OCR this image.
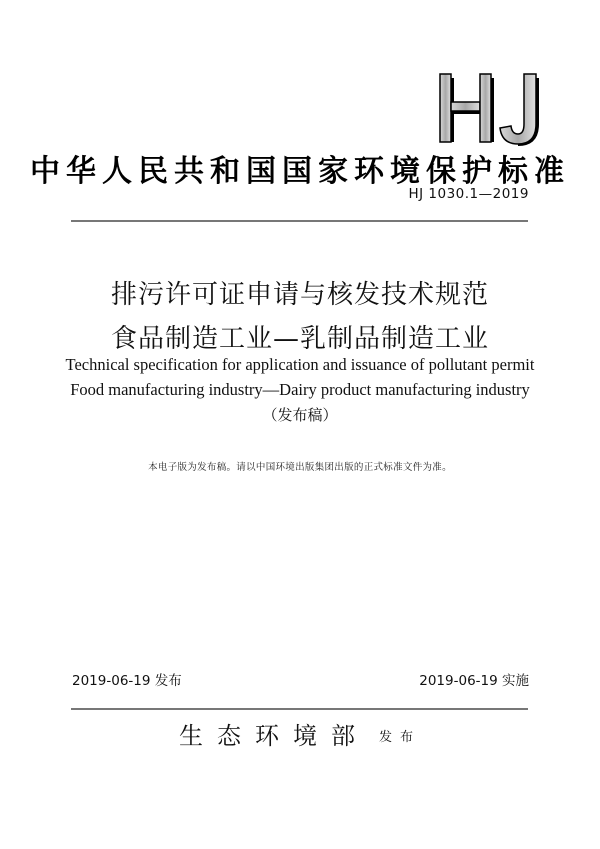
中华人民共和国国家环境保护标准
HJ 1030.1—2019
排污许可证申请与核发技术规范
食品制造工业—乳制品制造工业
Technical specification for application and issuance of pollutant permit
Food manufacturing industry—Dairy product manufacturing industry
（发布稿）
本电子版为发布稿。请以中国环境出版集团出版的正式标准文件为准。
2019-06-19 发布	2019-06-19 实施
生态环境部 发布
